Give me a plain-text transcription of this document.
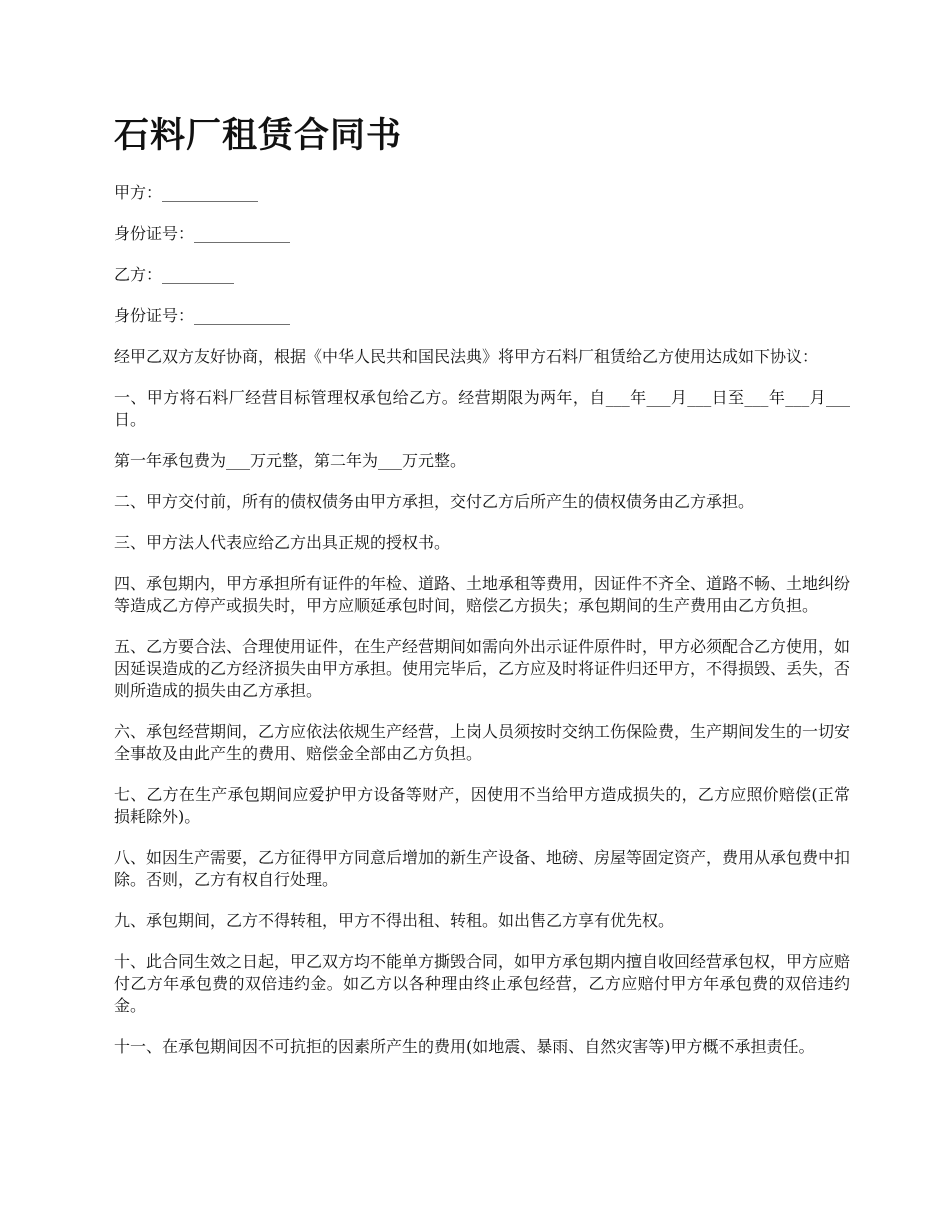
石料厂租赁合同书

甲方：____________

身份证号：____________

乙方：_________

身份证号：____________

经甲乙双方友好协商，根据《中华人民共和国民法典》将甲方石料厂租赁给乙方使用达成如下协议：

一、甲方将石料厂经营目标管理权承包给乙方。经营期限为两年，自___年___月___日至___年___月___日。

第一年承包费为___万元整，第二年为___万元整。

二、甲方交付前，所有的债权债务由甲方承担，交付乙方后所产生的债权债务由乙方承担。

三、甲方法人代表应给乙方出具正规的授权书。

四、承包期内，甲方承担所有证件的年检、道路、土地承租等费用，因证件不齐全、道路不畅、土地纠纷等造成乙方停产或损失时，甲方应顺延承包时间，赔偿乙方损失；承包期间的生产费用由乙方负担。

五、乙方要合法、合理使用证件，在生产经营期间如需向外出示证件原件时，甲方必须配合乙方使用，如因延误造成的乙方经济损失由甲方承担。使用完毕后，乙方应及时将证件归还甲方，不得损毁、丢失，否则所造成的损失由乙方承担。

六、承包经营期间，乙方应依法依规生产经营，上岗人员须按时交纳工伤保险费，生产期间发生的一切安全事故及由此产生的费用、赔偿金全部由乙方负担。

七、乙方在生产承包期间应爱护甲方设备等财产，因使用不当给甲方造成损失的，乙方应照价赔偿(正常损耗除外)。

八、如因生产需要，乙方征得甲方同意后增加的新生产设备、地磅、房屋等固定资产，费用从承包费中扣除。否则，乙方有权自行处理。

九、承包期间，乙方不得转租，甲方不得出租、转租。如出售乙方享有优先权。

十、此合同生效之日起，甲乙双方均不能单方撕毁合同，如甲方承包期内擅自收回经营承包权，甲方应赔付乙方年承包费的双倍违约金。如乙方以各种理由终止承包经营，乙方应赔付甲方年承包费的双倍违约金。

十一、在承包期间因不可抗拒的因素所产生的费用(如地震、暴雨、自然灾害等)甲方概不承担责任。
